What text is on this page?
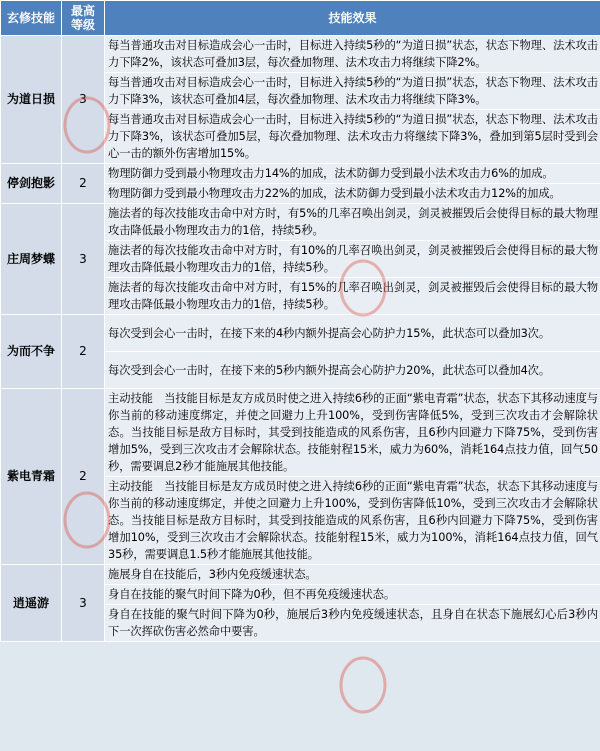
玄修技能	最高等级	技能效果
为道日损	3	每当普通攻击对目标造成会心一击时，目标进入持续5秒的“为道日损”状态，状态下物理、法术攻击力下降2%，该状态可叠加3层，每次叠加物理、法术攻击力将继续下降2%。
		每当普通攻击对目标造成会心一击时，目标进入持续5秒的“为道日损”状态，状态下物理、法术攻击力下降3%，该状态可叠加4层，每次叠加物理、法术攻击力将继续下降3%。
		每当普通攻击对目标造成会心一击时，目标进入持续5秒的“为道日损”状态，状态下物理、法术攻击力下降3%，该状态可叠加5层，每次叠加物理、法术攻击力将继续下降3%，叠加到第5层时受到会心一击的额外伤害增加15%。
停剑抱影	2	物理防御力受到最小物理攻击力14%的加成，法术防御力受到最小法术攻击力6%的加成。
		物理防御力受到最小物理攻击力22%的加成，法术防御力受到最小法术攻击力12%的加成。
庄周梦蝶	3	施法者的每次技能攻击命中对方时，有5%的几率召唤出剑灵，剑灵被摧毁后会使得目标的最大物理攻击降低最小物理攻击力的1倍，持续5秒。
		施法者的每次技能攻击命中对方时，有10%的几率召唤出剑灵，剑灵被摧毁后会使得目标的最大物理攻击降低最小物理攻击力的1倍，持续5秒。
		施法者的每次技能攻击命中对方时，有15%的几率召唤出剑灵，剑灵被摧毁后会使得目标的最大物理攻击降低最小物理攻击力的1倍，持续5秒。
为而不争	2	每次受到会心一击时，在接下来的4秒内额外提高会心防护力15%，此状态可以叠加3次。
		每次受到会心一击时，在接下来的5秒内额外提高会心防护力20%，此状态可以叠加4次。
紫电青霜	2	主动技能　当技能目标是友方成员时使之进入持续6秒的正面“紫电青霜”状态，状态下其移动速度与你当前的移动速度绑定，并使之回避力上升100%，受到伤害降低5%，受到三次攻击才会解除状态。当技能目标是敌方目标时，其受到技能造成的风系伤害，且6秒内回避力下降75%，受到伤害增加5%，受到三次攻击才会解除状态。技能射程15米，威力为60%，消耗164点技力值，回气50秒，需要调息2秒才能施展其他技能。
		主动技能　当技能目标是友方成员时使之进入持续6秒的正面“紫电青霜”状态，状态下其移动速度与你当前的移动速度绑定，并使之回避力上升100%，受到伤害降低10%，受到三次攻击才会解除状态。当技能目标是敌方目标时，其受到技能造成的风系伤害，且6秒内回避力下降75%，受到伤害增加10%，受到三次攻击才会解除状态。技能射程15米，威力为100%，消耗164点技力值，回气35秒，需要调息1.5秒才能施展其他技能。
逍遥游	3	施展身自在技能后，3秒内免疫缓速状态。
		身自在技能的聚气时间下降为0秒，但不再免疫缓速状态。
		身自在技能的聚气时间下降为0秒，施展后3秒内免疫缓速状态，且身自在状态下施展幻心后3秒内下一次挥砍伤害必然命中要害。
